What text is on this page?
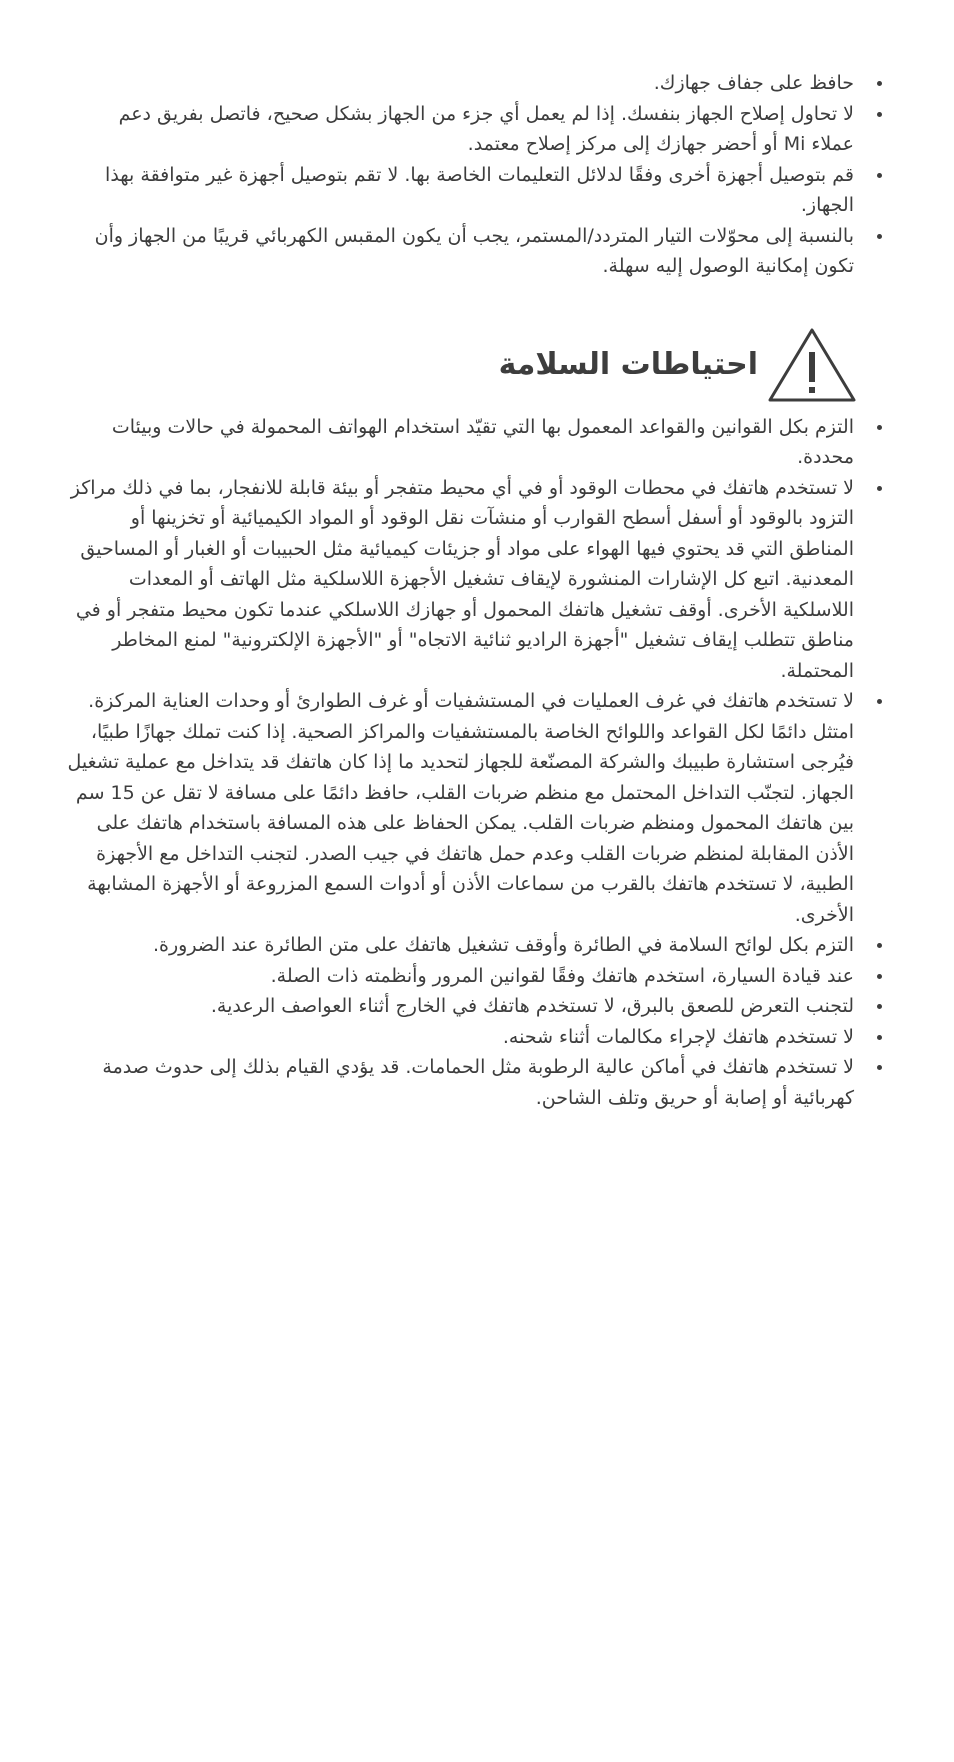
حافظ على جفاف جهازك.
لا تحاول إصلاح الجهاز بنفسك. إذا لم يعمل أي جزء من الجهاز بشكل صحيح، فاتصل بفريق دعم عملاء Mi أو أحضر جهازك إلى مركز إصلاح معتمد.
قم بتوصيل أجهزة أخرى وفقًا لدلائل التعليمات الخاصة بها. لا تقم بتوصيل أجهزة غير متوافقة بهذا الجهاز.
بالنسبة إلى محوّلات التيار المتردد/المستمر، يجب أن يكون المقبس الكهربائي قريبًا من الجهاز وأن تكون إمكانية الوصول إليه سهلة.
احتياطات السلامة
التزم بكل القوانين والقواعد المعمول بها التي تقيّد استخدام الهواتف المحمولة في حالات وبيئات محددة.
لا تستخدم هاتفك في محطات الوقود أو في أي محيط متفجر أو بيئة قابلة للانفجار، بما في ذلك مراكز التزود بالوقود أو أسفل أسطح القوارب أو منشآت نقل الوقود أو المواد الكيميائية أو تخزينها أو المناطق التي قد يحتوي فيها الهواء على مواد أو جزيئات كيميائية مثل الحبيبات أو الغبار أو المساحيق المعدنية. اتبع كل الإشارات المنشورة لإيقاف تشغيل الأجهزة اللاسلكية مثل الهاتف أو المعدات اللاسلكية الأخرى. أوقف تشغيل هاتفك المحمول أو جهازك اللاسلكي عندما تكون محيط متفجر أو في مناطق تتطلب إيقاف تشغيل "أجهزة الراديو ثنائية الاتجاه" أو "الأجهزة الإلكترونية" لمنع المخاطر المحتملة.
لا تستخدم هاتفك في غرف العمليات في المستشفيات أو غرف الطوارئ أو وحدات العناية المركزة. امتثل دائمًا لكل القواعد واللوائح الخاصة بالمستشفيات والمراكز الصحية. إذا كنت تملك جهازًا طبيًا، فيُرجى استشارة طبيبك والشركة المصنّعة للجهاز لتحديد ما إذا كان هاتفك قد يتداخل مع عملية تشغيل الجهاز. لتجنّب التداخل المحتمل مع منظم ضربات القلب، حافظ دائمًا على مسافة لا تقل عن 15 سم بين هاتفك المحمول ومنظم ضربات القلب. يمكن الحفاظ على هذه المسافة باستخدام هاتفك على الأذن المقابلة لمنظم ضربات القلب وعدم حمل هاتفك في جيب الصدر. لتجنب التداخل مع الأجهزة الطبية، لا تستخدم هاتفك بالقرب من سماعات الأذن أو أدوات السمع المزروعة أو الأجهزة المشابهة الأخرى.
التزم بكل لوائح السلامة في الطائرة وأوقف تشغيل هاتفك على متن الطائرة عند الضرورة.
عند قيادة السيارة، استخدم هاتفك وفقًا لقوانين المرور وأنظمته ذات الصلة.
لتجنب التعرض للصعق بالبرق، لا تستخدم هاتفك في الخارج أثناء العواصف الرعدية.
لا تستخدم هاتفك لإجراء مكالمات أثناء شحنه.
لا تستخدم هاتفك في أماكن عالية الرطوبة مثل الحمامات. قد يؤدي القيام بذلك إلى حدوث صدمة كهربائية أو إصابة أو حريق وتلف الشاحن.
